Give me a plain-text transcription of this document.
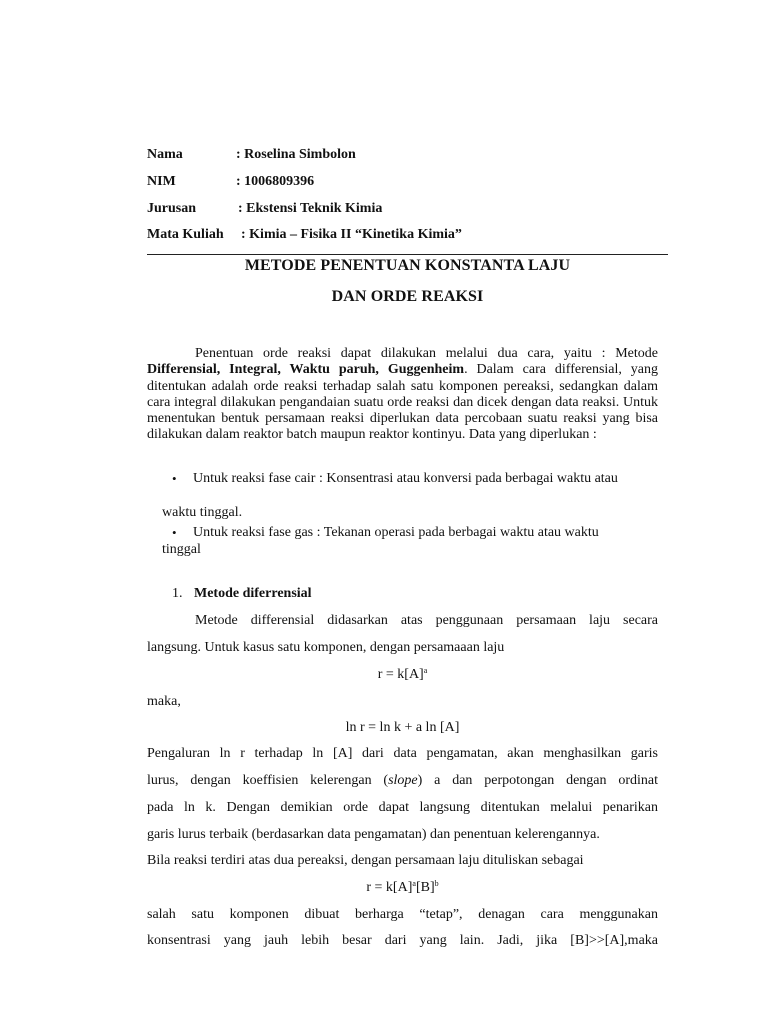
Nama	: Roselina Simbolon
NIM	: 1006809396
Jurusan	: Ekstensi Teknik Kimia
Mata Kuliah : Kimia – Fisika II “Kinetika Kimia”
METODE PENENTUAN KONSTANTA LAJU
DAN ORDE REAKSI
Penentuan orde reaksi dapat dilakukan melalui dua cara, yaitu : Metode Differensial, Integral, Waktu paruh, Guggenheim. Dalam cara differensial, yang ditentukan adalah orde reaksi terhadap salah satu komponen pereaksi, sedangkan dalam cara integral dilakukan pengandaian suatu orde reaksi dan dicek dengan data reaksi. Untuk menentukan bentuk persamaan reaksi diperlukan data percobaan suatu reaksi yang bisa dilakukan dalam reaktor batch maupun reaktor kontinyu. Data yang diperlukan :
• Untuk reaksi fase cair : Konsentrasi atau konversi pada berbagai waktu atau
waktu tinggal.
• Untuk reaksi fase gas : Tekanan operasi pada berbagai waktu atau waktu
tinggal
1. Metode diferrensial
Metode differensial didasarkan atas penggunaan persamaan laju secara
langsung. Untuk kasus satu komponen, dengan persamaaan laju
$r = k[A]^a$
maka,
ln r = ln k + a ln [A]
Pengaluran ln r terhadap ln [A] dari data pengamatan, akan menghasilkan garis
lurus, dengan koeffisien kelerengan (slope) a dan perpotongan dengan ordinat
pada ln k. Dengan demikian orde dapat langsung ditentukan melalui penarikan
garis lurus terbaik (berdasarkan data pengamatan) dan penentuan kelerengannya.
Bila reaksi terdiri atas dua pereaksi, dengan persamaan laju dituliskan sebagai
$r = k[A]^a[B]^b$
salah satu komponen dibuat berharga “tetap”, denagan cara menggunakan
konsentrasi yang jauh lebih besar dari yang lain. Jadi, jika [B]>>[A],maka
